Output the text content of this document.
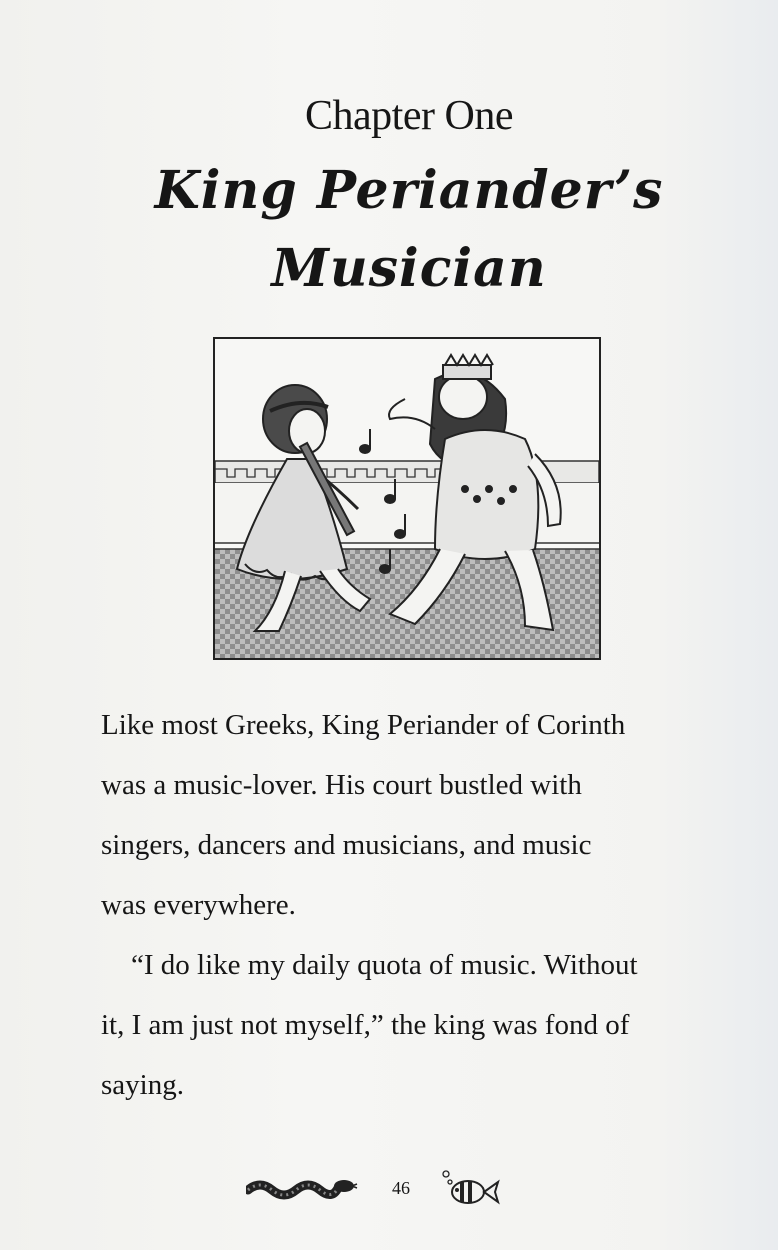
Chapter One
King Periander’s
Musician

Like most Greeks, King Periander of Corinth

was a music-lover. His court bustled with

singers, dancers and musicians, and music

was everywhere.

“I do like my daily quota of music. Without

it, I am just not myself,” the king was fond of

saying.

46
